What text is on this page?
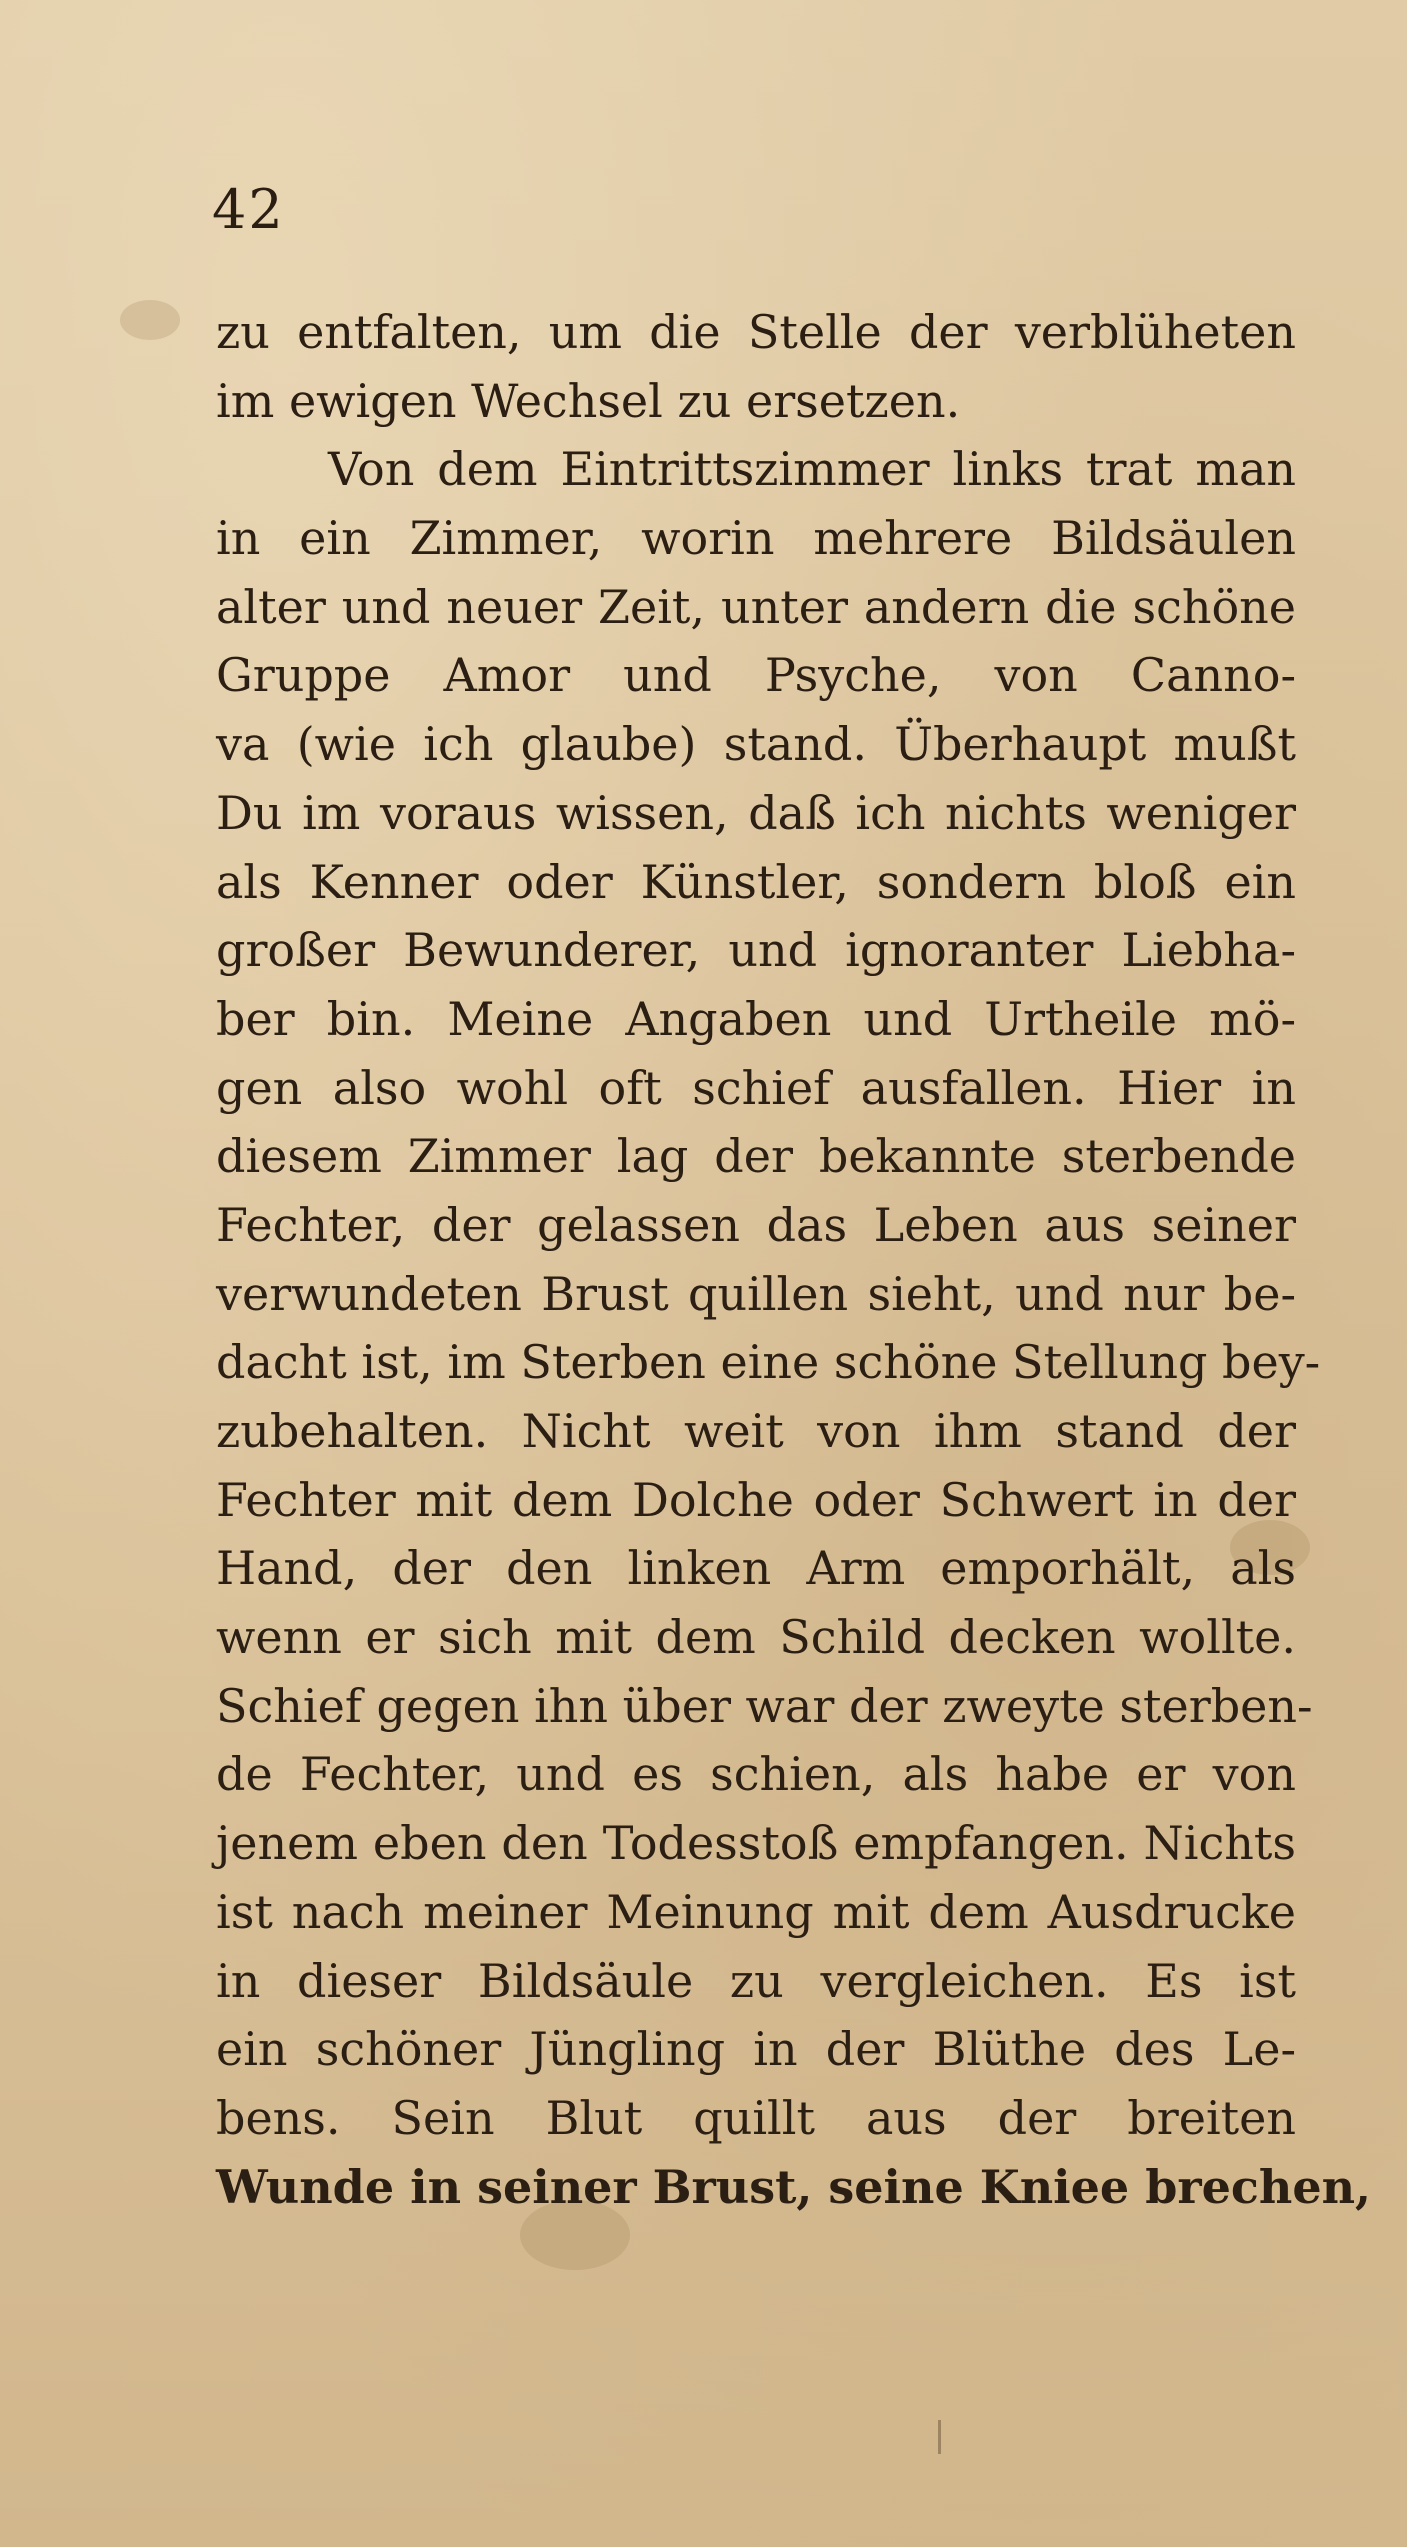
42
zu entfalten, um die Stelle der verblüheten
im ewigen Wechsel zu ersetzen.
Von dem Eintrittszimmer links trat man
in ein Zimmer, worin mehrere Bildsäulen
alter und neuer Zeit, unter andern die schöne
Gruppe Amor und Psyche, von Canno-
va (wie ich glaube) stand. Überhaupt mußt
Du im voraus wissen, daß ich nichts weniger
als Kenner oder Künstler, sondern bloß ein
großer Bewunderer, und ignoranter Liebha-
ber bin. Meine Angaben und Urtheile mö-
gen also wohl oft schief ausfallen. Hier in
diesem Zimmer lag der bekannte sterbende
Fechter, der gelassen das Leben aus seiner
verwundeten Brust quillen sieht, und nur be-
dacht ist, im Sterben eine schöne Stellung bey-
zubehalten. Nicht weit von ihm stand der
Fechter mit dem Dolche oder Schwert in der
Hand, der den linken Arm emporhält, als
wenn er sich mit dem Schild decken wollte.
Schief gegen ihn über war der zweyte sterben-
de Fechter, und es schien, als habe er von
jenem eben den Todesstoß empfangen. Nichts
ist nach meiner Meinung mit dem Ausdrucke
in dieser Bildsäule zu vergleichen. Es ist
ein schöner Jüngling in der Blüthe des Le-
bens. Sein Blut quillt aus der breiten
Wunde in seiner Brust, seine Kniee brechen,
